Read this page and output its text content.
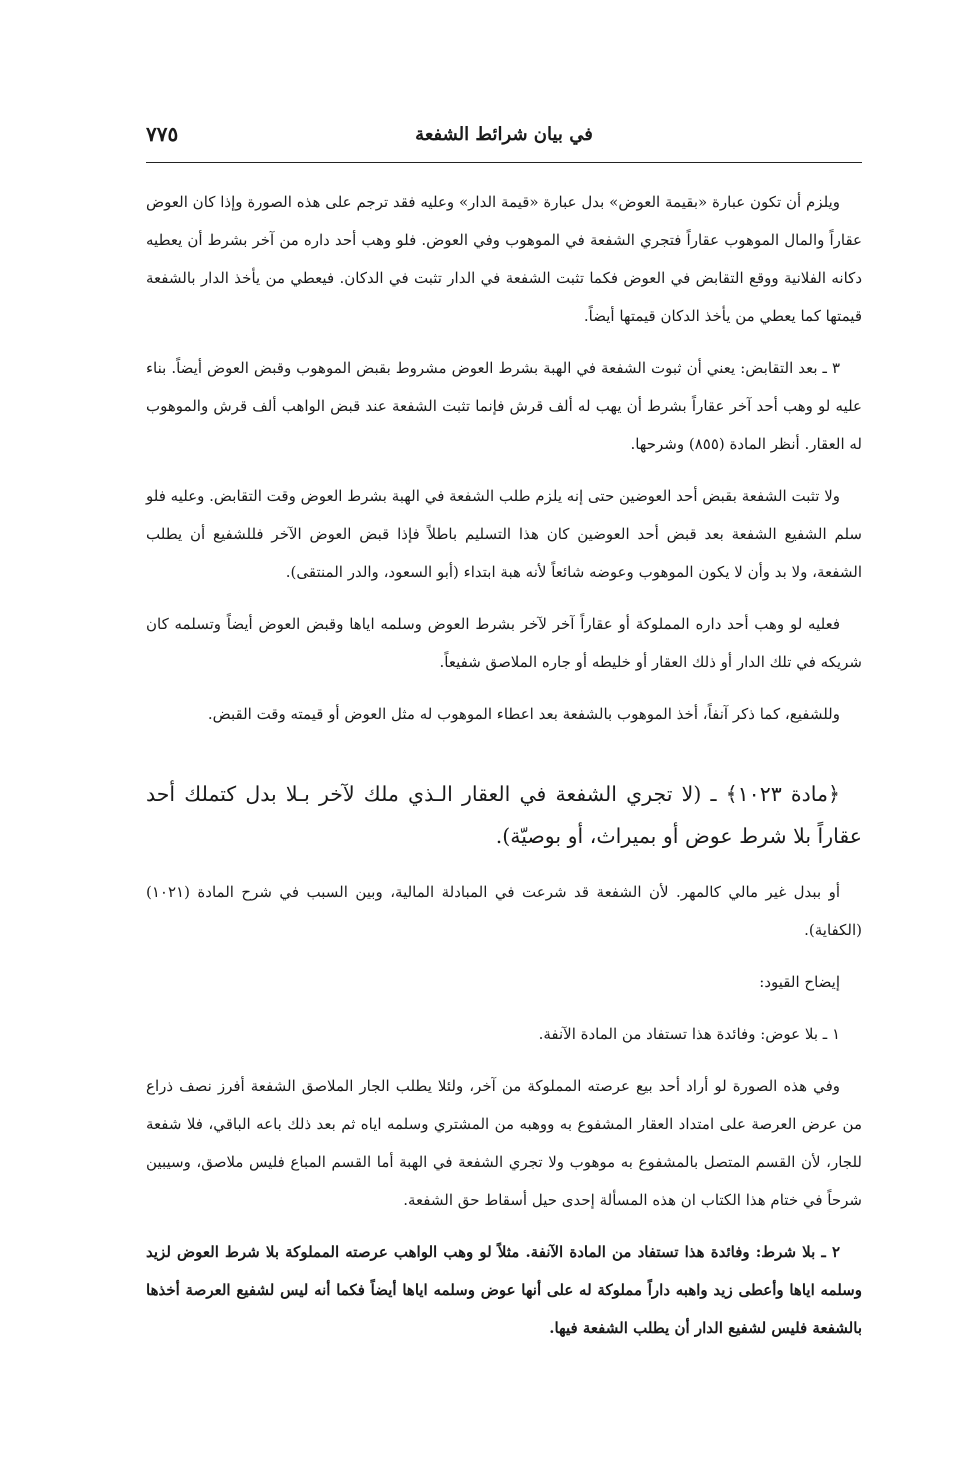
في بيان شرائط الشفعة
٧٧٥

ويلزم أن تكون عبارة «بقيمة العوض» بدل عبارة «قيمة الدار» وعليه فقد ترجم على هذه الصورة وإذا كان العوض عقاراً والمال الموهوب عقاراً فتجري الشفعة في الموهوب وفي العوض. فلو وهب أحد داره من آخر بشرط أن يعطيه دكانه الفلانية ووقع التقابض في العوض فكما تثبت الشفعة في الدار تثبت في الدكان. فيعطي من يأخذ الدار بالشفعة قيمتها كما يعطي من يأخذ الدكان قيمتها أيضاً.

٣ ـ بعد التقابض: يعني أن ثبوت الشفعة في الهبة بشرط العوض مشروط بقبض الموهوب وقبض العوض أيضاً. بناء عليه لو وهب أحد آخر عقاراً بشرط أن يهب له ألف قرش فإنما تثبت الشفعة عند قبض الواهب ألف قرش والموهوب له العقار. أنظر المادة (٨٥٥) وشرحها.

ولا تثبت الشفعة بقبض أحد العوضين حتى إنه يلزم طلب الشفعة في الهبة بشرط العوض وقت التقابض. وعليه فلو سلم الشفيع الشفعة بعد قبض أحد العوضين كان هذا التسليم باطلاً فإذا قبض العوض الآخر فللشفيع أن يطلب الشفعة، ولا بد وأن لا يكون الموهوب وعوضه شائعاً لأنه هبة ابتداء (أبو السعود، والدر المنتقى).

فعليه لو وهب أحد داره المملوكة أو عقاراً آخر لآخر بشرط العوض وسلمه اياها وقبض العوض أيضاً وتسلمه كان شريكه في تلك الدار أو ذلك العقار أو خليطه أو جاره الملاصق شفيعاً.

وللشفيع، كما ذكر آنفاً، أخذ الموهوب بالشفعة بعد اعطاء الموهوب له مثل العوض أو قيمته وقت القبض.

﴿مادة ١٠٢٣﴾ ـ (لا تجري الشفعة في العقار الـذي ملك لآخر بـلا بدل كتملك أحد عقاراً بلا شرط عوض أو بميراث، أو بوصيّة).

أو ببدل غير مالي كالمهر. لأن الشفعة قد شرعت في المبادلة المالية، وبين السبب في شرح المادة (١٠٢١) (الكفاية).

إيضاح القيود:

١ ـ بلا عوض: وفائدة هذا تستفاد من المادة الآنفة.

وفي هذه الصورة لو أراد أحد بيع عرصته المملوكة من آخر، ولئلا يطلب الجار الملاصق الشفعة أفرز نصف ذراع من عرض العرصة على امتداد العقار المشفوع به ووهبه من المشتري وسلمه اياه ثم بعد ذلك باعه الباقي، فلا شفعة للجار، لأن القسم المتصل بالمشفوع به موهوب ولا تجري الشفعة في الهبة أما القسم المباع فليس ملاصق، وسيبين شرحاً في ختام هذا الكتاب ان هذه المسألة إحدى حيل أسقاط حق الشفعة.

٢ ـ بلا شرط: وفائدة هذا تستفاد من المادة الآنفة. مثلاً لو وهب الواهب عرصته المملوكة بلا شرط العوض لزيد وسلمه اياها وأعطى زيد واهبه داراً مملوكة له على أنها عوض وسلمه اياها أيضاً فكما أنه ليس لشفيع العرصة أخذها بالشفعة فليس لشفيع الدار أن يطلب الشفعة فيها.
